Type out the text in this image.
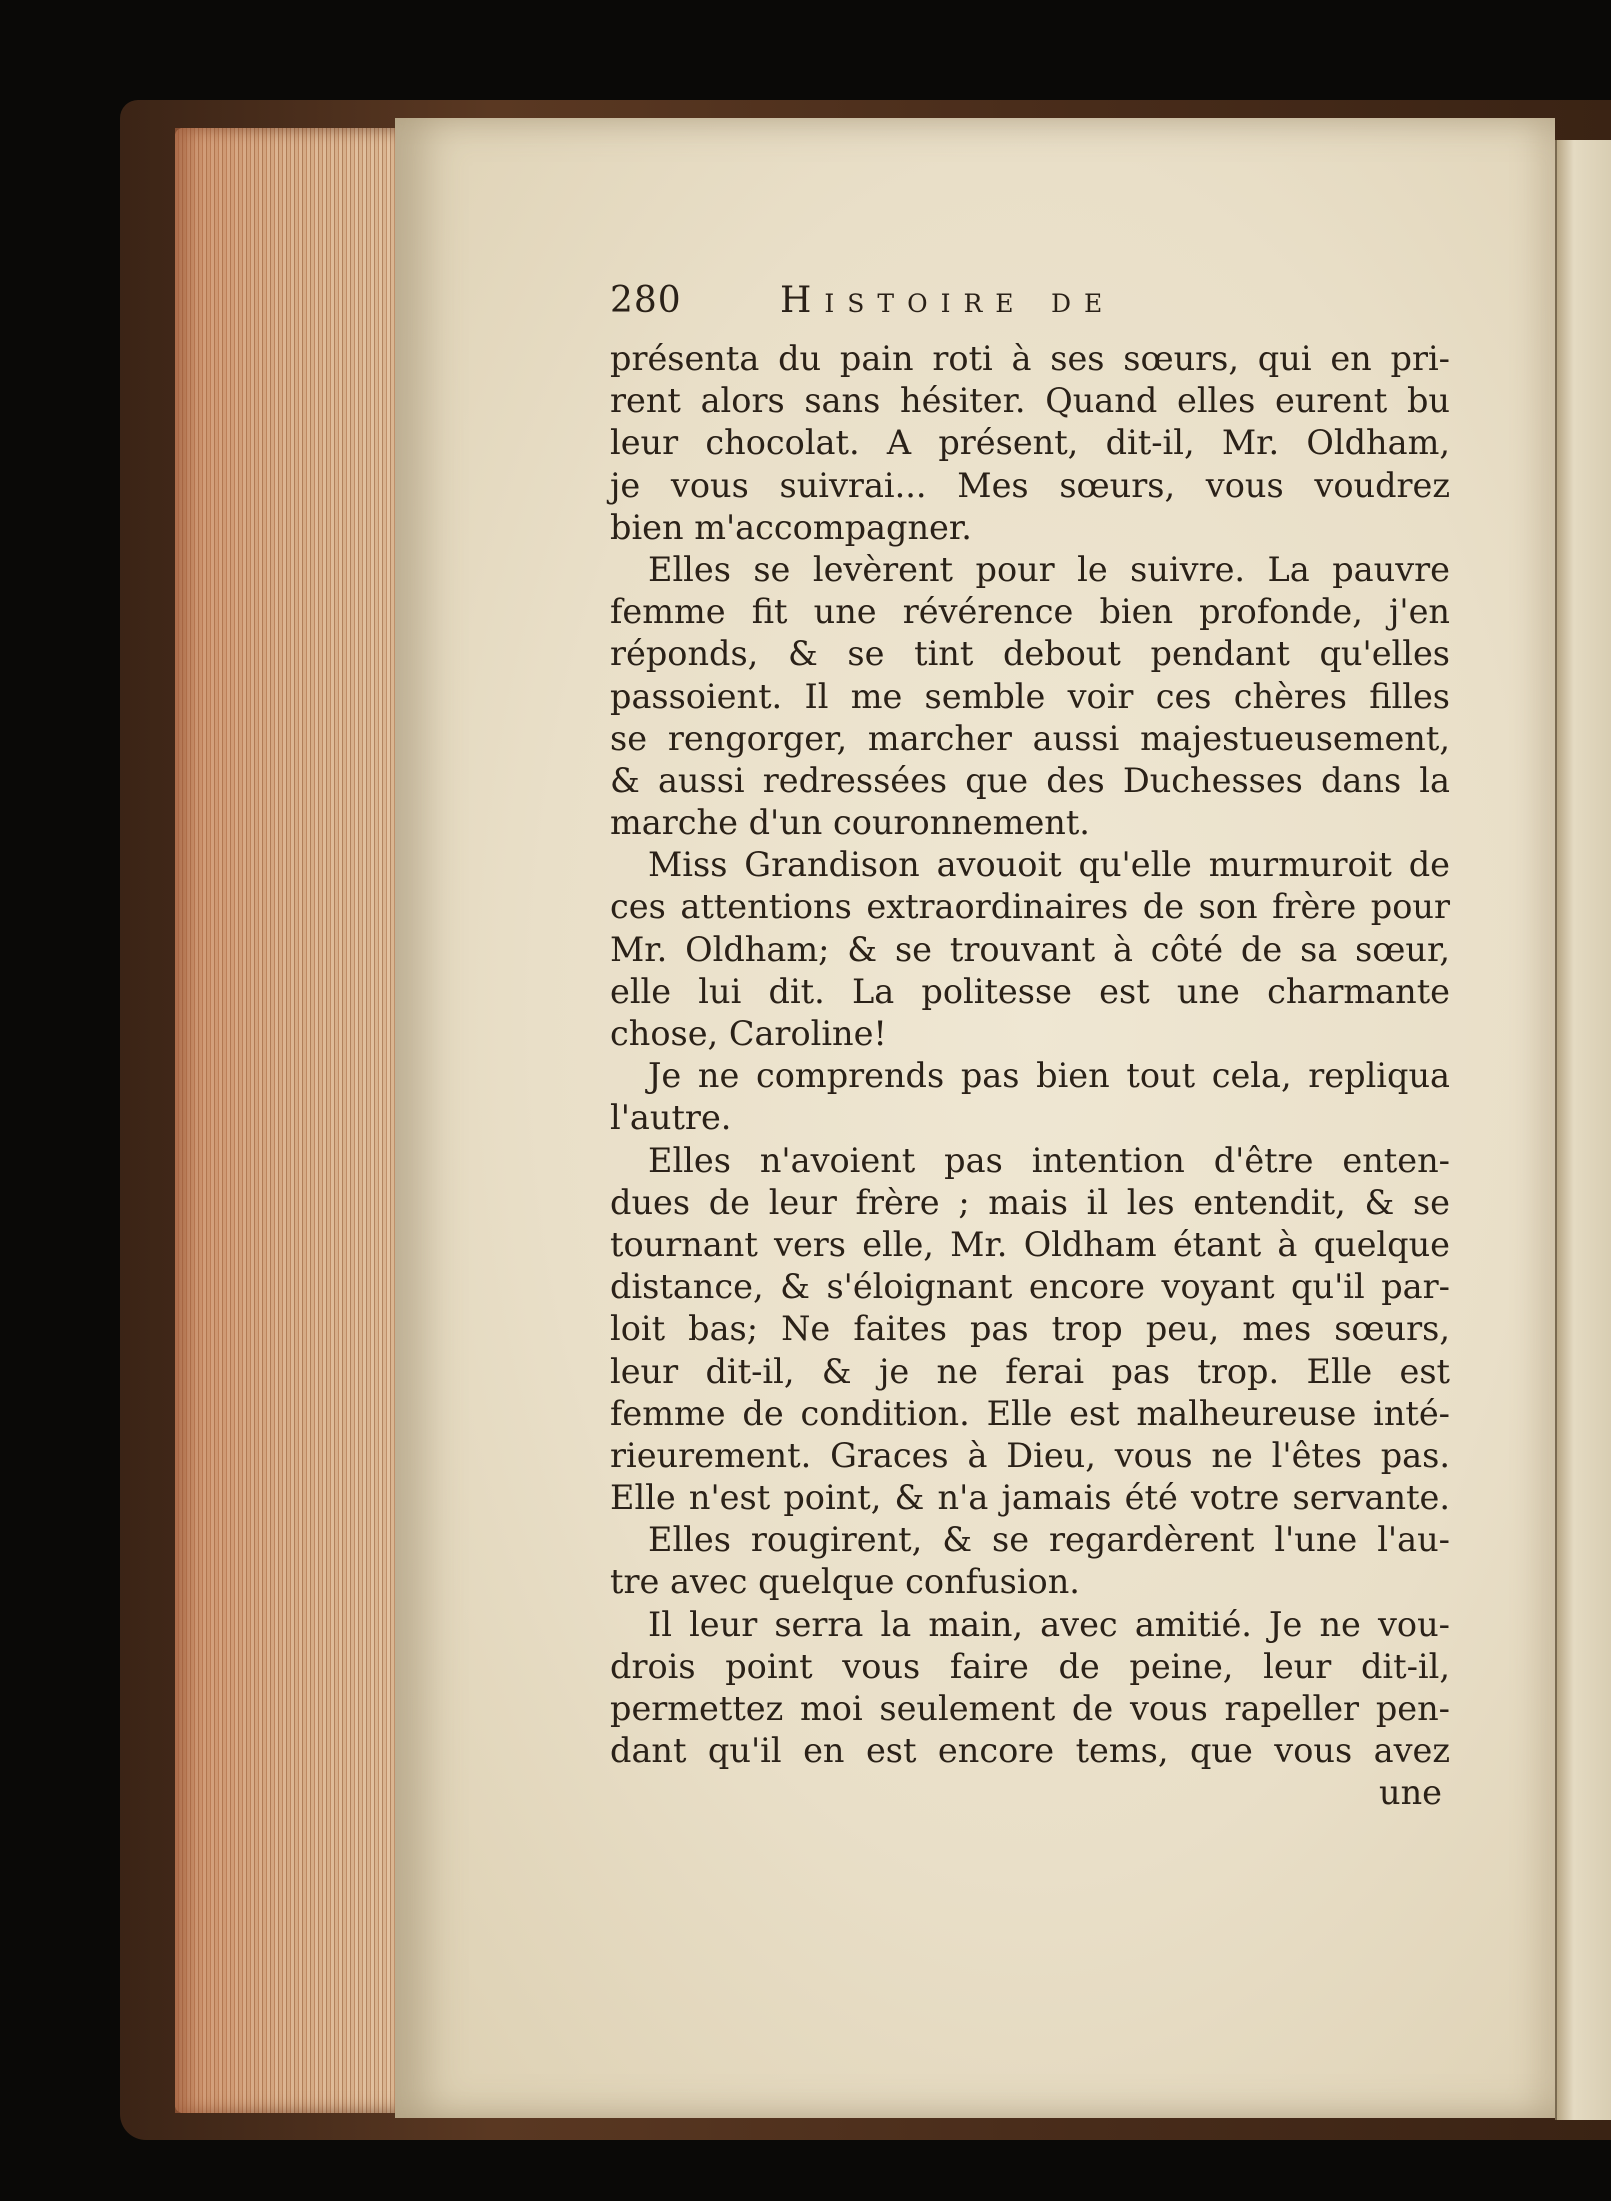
280	Histoire de
présenta du pain roti à ses sœurs, qui en pri-
rent alors sans hésiter. Quand elles eurent bu
leur chocolat. A présent, dit-il, Mr. Oldham,
je vous suivrai... Mes sœurs, vous voudrez
bien m'accompagner.
Elles se levèrent pour le suivre. La pauvre
femme fit une révérence bien profonde, j'en
réponds, & se tint debout pendant qu'elles
passoient. Il me semble voir ces chères filles
se rengorger, marcher aussi majestueusement,
& aussi redressées que des Duchesses dans la
marche d'un couronnement.
Miss Grandison avouoit qu'elle murmuroit de
ces attentions extraordinaires de son frère pour
Mr. Oldham; & se trouvant à côté de sa sœur,
elle lui dit. La politesse est une charmante
chose, Caroline!
Je ne comprends pas bien tout cela, repliqua
l'autre.
Elles n'avoient pas intention d'être enten-
dues de leur frère ; mais il les entendit, & se
tournant vers elle, Mr. Oldham étant à quelque
distance, & s'éloignant encore voyant qu'il par-
loit bas; Ne faites pas trop peu, mes sœurs,
leur dit-il, & je ne ferai pas trop. Elle est
femme de condition. Elle est malheureuse inté-
rieurement. Graces à Dieu, vous ne l'êtes pas.
Elle n'est point, & n'a jamais été votre servante.
Elles rougirent, & se regardèrent l'une l'au-
tre avec quelque confusion.
Il leur serra la main, avec amitié. Je ne vou-
drois point vous faire de peine, leur dit-il,
permettez moi seulement de vous rapeller pen-
dant qu'il en est encore tems, que vous avez
une
